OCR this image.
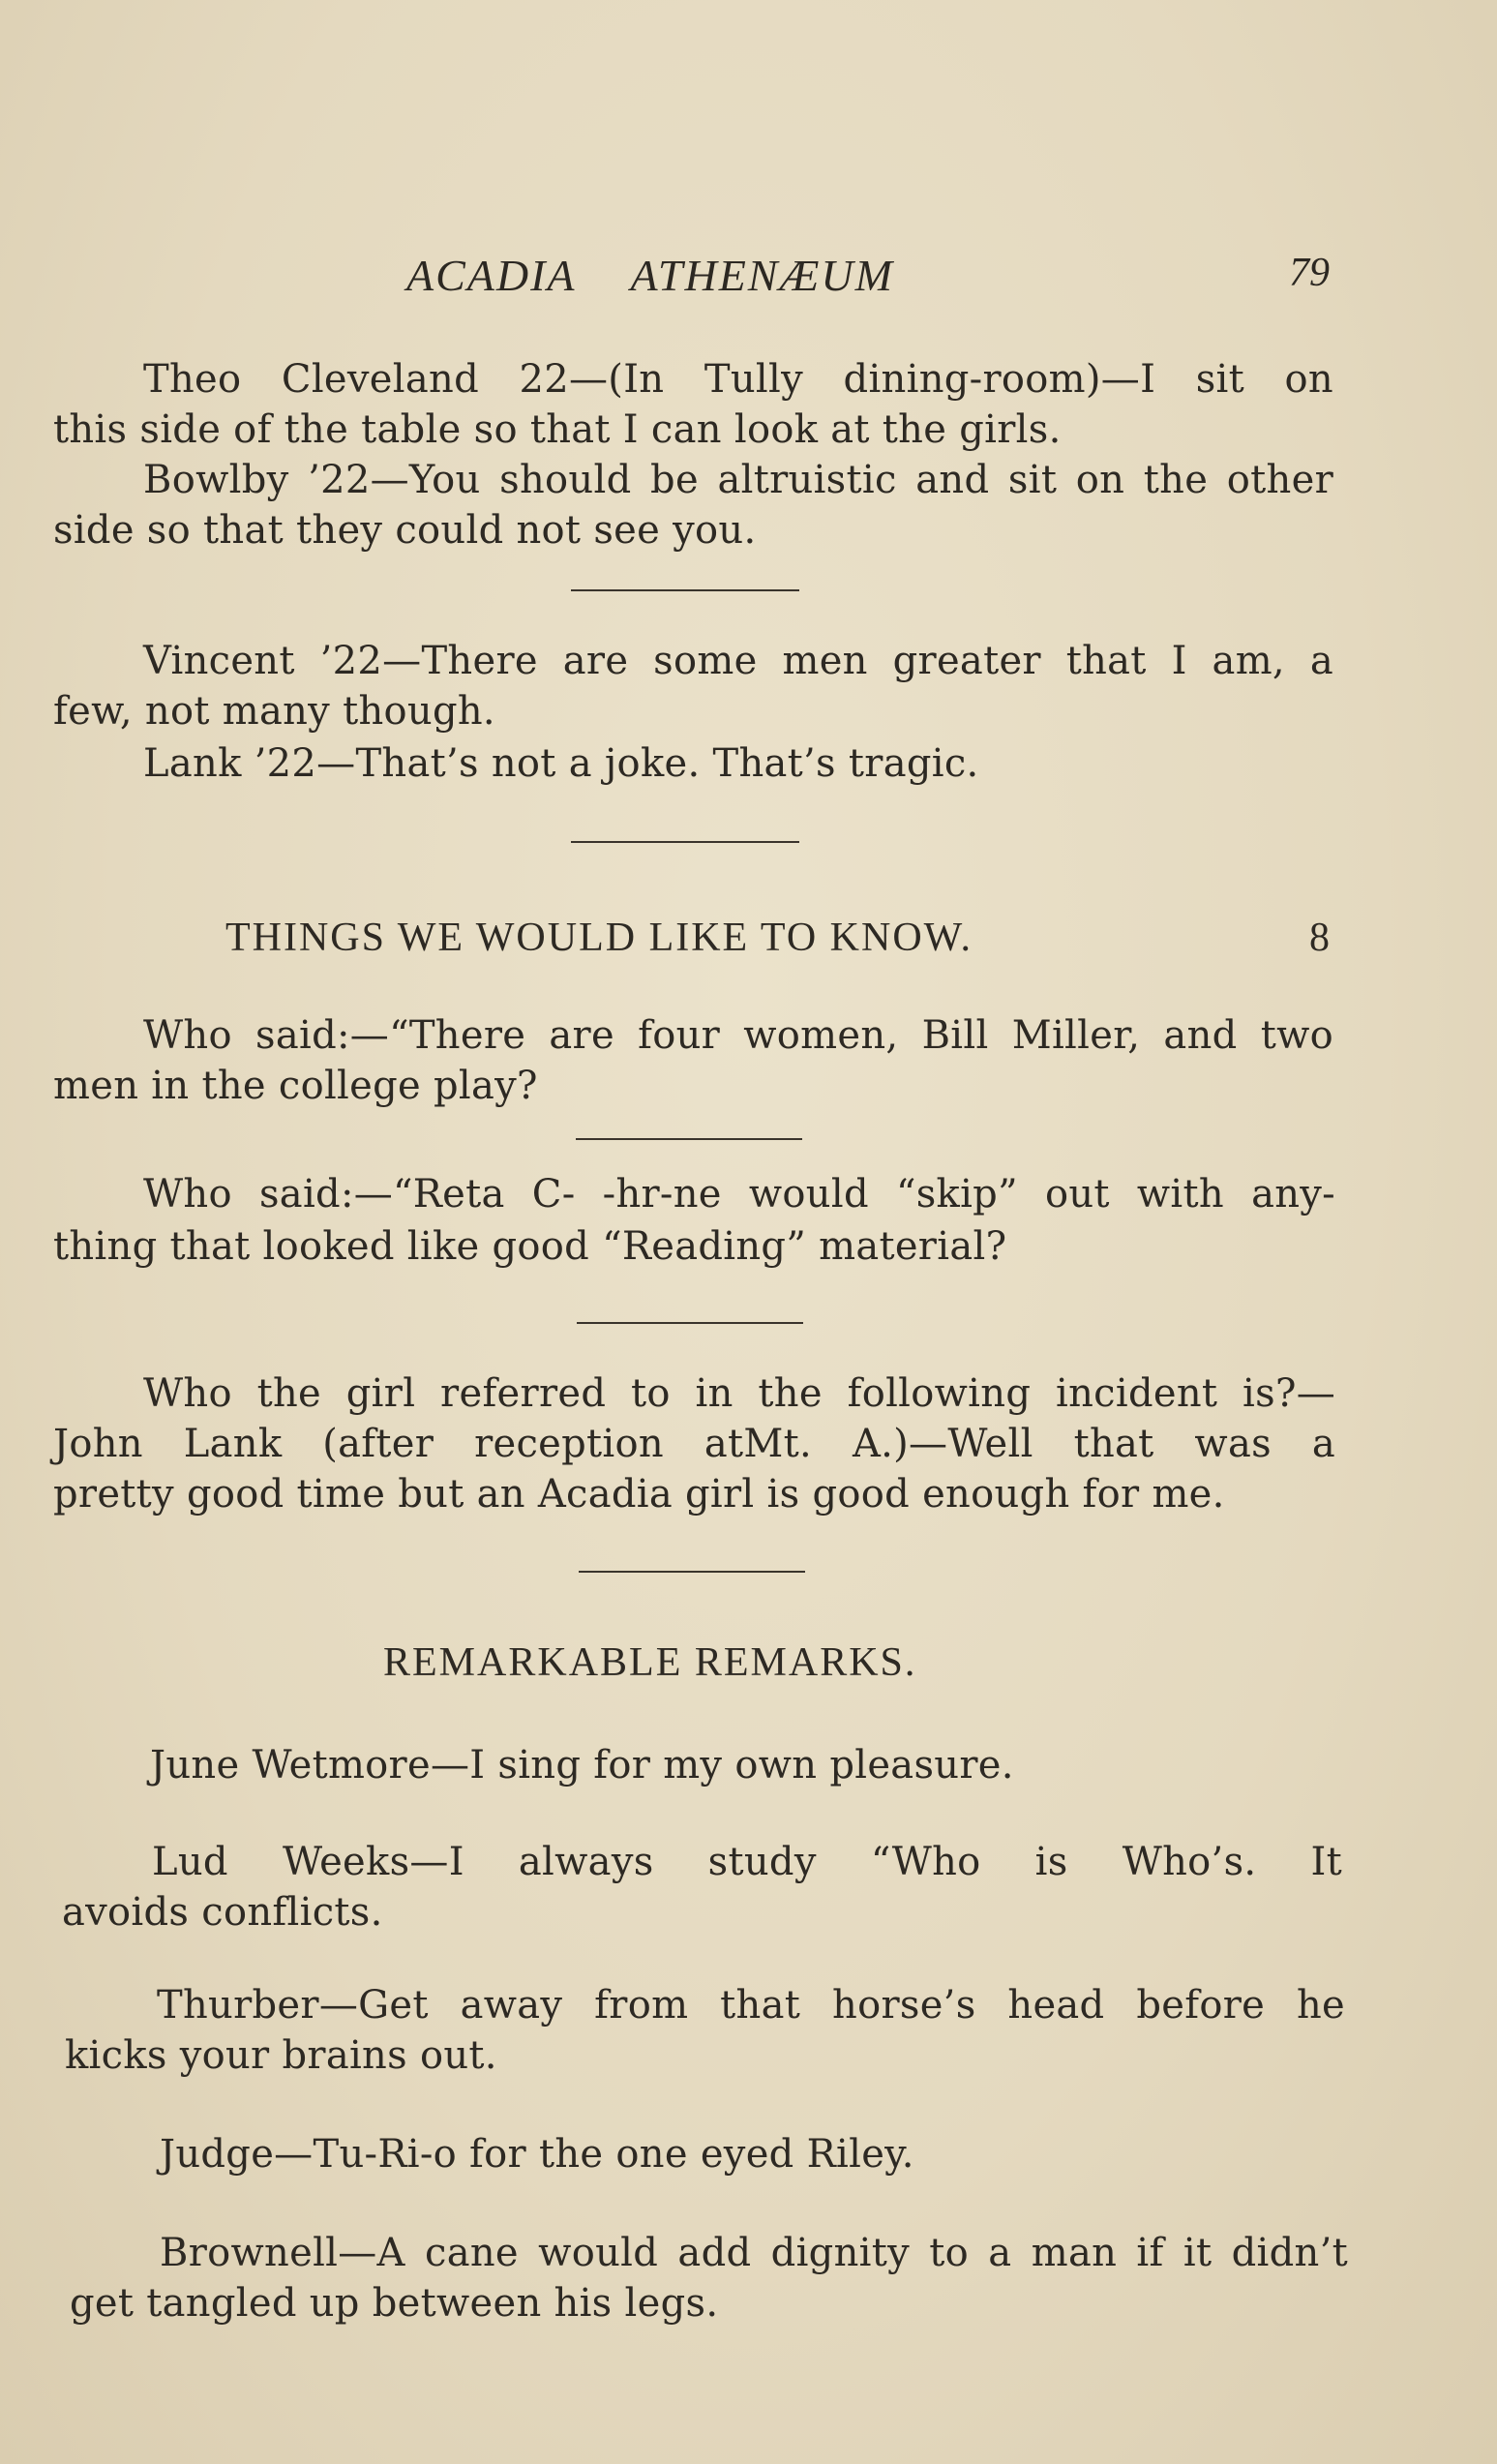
ACADIA ATHENÆUM	79
Theo Cleveland 22—(In Tully dining-room)—I sit on
this side of the table so that I can look at the girls.
Bowlby ’22—You should be altruistic and sit on the other
side so that they could not see you.
Vincent ’22—There are some men greater that I am, a
few, not many though.
Lank ’22—That’s not a joke. That’s tragic.
THINGS WE WOULD LIKE TO KNOW.	8
Who said:—“There are four women, Bill Miller, and two
men in the college play?
Who said:—“Reta C- -hr-ne would “skip” out with any-
thing that looked like good “Reading” material?
Who the girl referred to in the following incident is?—
John Lank (after reception atMt. A.)—Well that was a
pretty good time but an Acadia girl is good enough for me.
REMARKABLE REMARKS.
June Wetmore—I sing for my own pleasure.
Lud Weeks—I always study “Who is Who’s. It
avoids conflicts.
Thurber—Get away from that horse’s head before he
kicks your brains out.
Judge—Tu-Ri-o for the one eyed Riley.
Brownell—A cane would add dignity to a man if it didn’t
get tangled up between his legs.
